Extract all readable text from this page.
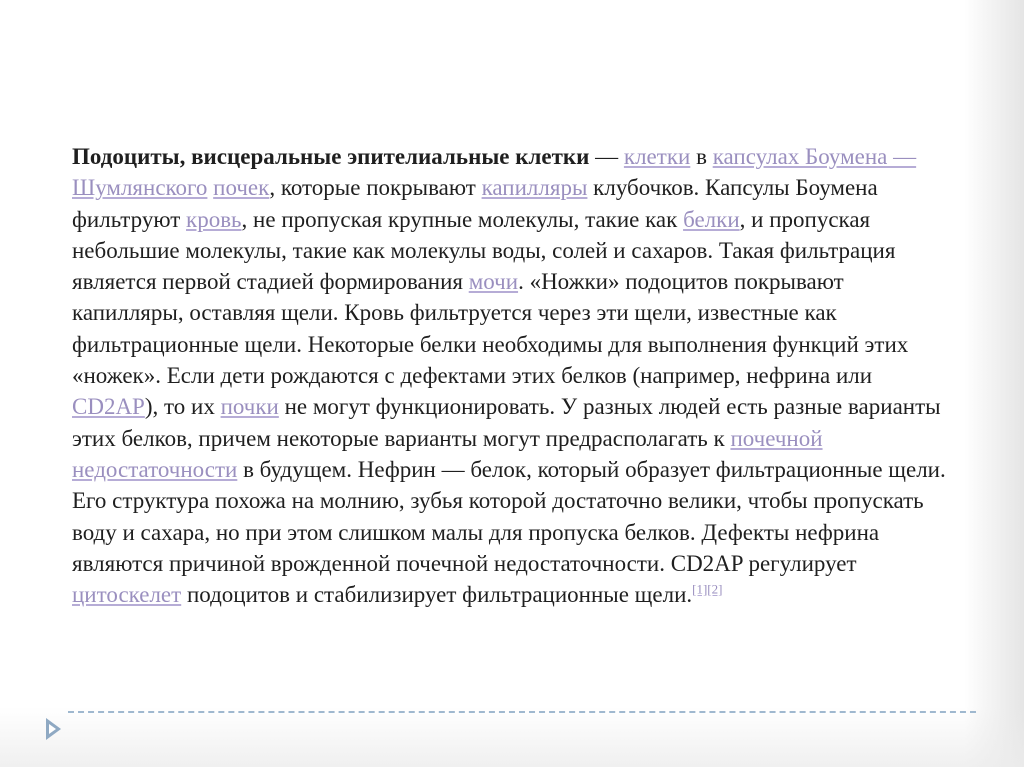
Подоциты, висцеральные эпителиальные клетки — клетки в капсулах Боумена — Шумлянского почек, которые покрывают капилляры клубочков. Капсулы Боумена фильтруют кровь, не пропуская крупные молекулы, такие как белки, и пропуская небольшие молекулы, такие как молекулы воды, солей и сахаров. Такая фильтрация является первой стадией формирования мочи. «Ножки» подоцитов покрывают капилляры, оставляя щели. Кровь фильтруется через эти щели, известные как фильтрационные щели. Некоторые белки необходимы для выполнения функций этих «ножек». Если дети рождаются с дефектами этих белков (например, нефрина или CD2AP), то их почки не могут функционировать. У разных людей есть разные варианты этих белков, причем некоторые варианты могут предрасполагать к почечной недостаточности в будущем. Нефрин — белок, который образует фильтрационные щели. Его структура похожа на молнию, зубья которой достаточно велики, чтобы пропускать воду и сахара, но при этом слишком малы для пропуска белков. Дефекты нефрина являются причиной врожденной почечной недостаточности. CD2AP регулирует цитоскелет подоцитов и стабилизирует фильтрационные щели.[1][2]
